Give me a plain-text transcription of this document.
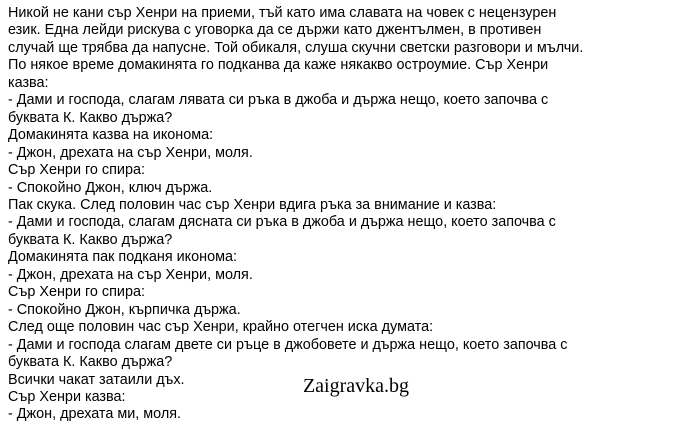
Никой не кани сър Хенри на приеми, тъй като има славата на човек с нецензурен език. Една лейди рискува с уговорка да се държи като джентълмен, в противен случай ще трябва да напусне. Той обикаля, слуша скучни светски разговори и мълчи. По някое време домакинята го подканва да каже някакво остроумие. Сър Хенри казва:

- Дами и господа, слагам лявата си ръка в джоба и държа нещо, което започва с буквата К. Какво държа?

Домакинята казва на иконома:

- Джон, дрехата на сър Хенри, моля.

Сър Хенри го спира:

- Спокойно Джон, ключ държа.

Пак скука. След половин час сър Хенри вдига ръка за внимание и казва:

- Дами и господа, слагам дясната си ръка в джоба и държа нещо, което започва с буквата К. Какво държа?

Домакинята пак подканя иконома:

- Джон, дрехата на сър Хенри, моля.

Сър Хенри го спира:

- Спокойно Джон, кърпичка държа.

След още половин час сър Хенри, крайно отегчен иска думата:

- Дами и господа слагам двете си ръце в джобовете и държа нещо, което започва с буквата К. Какво държа?

Всички чакат затаили дъх.

Сър Хенри казва:

- Джон, дрехата ми, моля.

Zaigravka.bg
